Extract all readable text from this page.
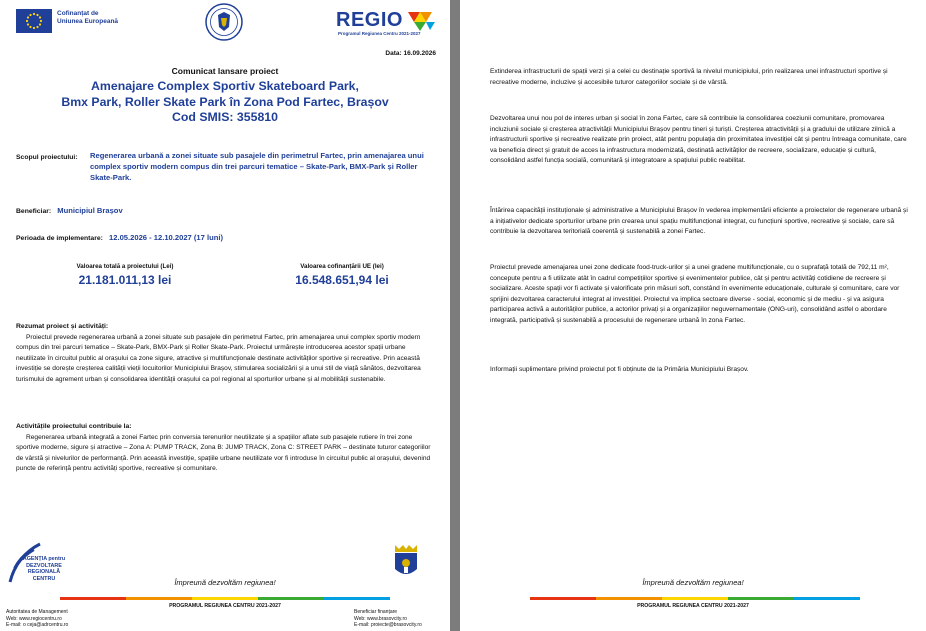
Cofinanțat de
Uniunea Europeană	REGIO
Programul Regiunea Centru 2021-2027
Data: 16.09.2026
Comunicat lansare proiect
Amenajare Complex Sportiv Skateboard Park,
Bmx Park, Roller Skate Park în Zona Pod Fartec, Brașov
Cod SMIS: 355810
Scopul proiectului:	Regenerarea urbană a zonei situate sub pasajele din perimetrul Fartec, prin amenajarea unui complex sportiv modern compus din trei parcuri tematice – Skate-Park, BMX-Park și Roller Skate-Park.
Beneficiar: Municipiul Brașov
Perioada de implementare: 12.05.2026 - 12.10.2027 (17 luni)
Valoarea totală a proiectului (Lei)
21.181.011,13 lei
Valoarea cofinanțării UE (lei)
16.548.651,94 lei
Rezumat proiect și activități:

Proiectul prevede regenerarea urbană a zonei situate sub pasajele din perimetrul Fartec, prin amenajarea unui complex sportiv modern compus din trei parcuri tematice – Skate-Park, BMX-Park și Roller Skate-Park. Proiectul urmărește introducerea acestor spații urbane neutilizate în circuitul public al orașului ca zone sigure, atractive și multifuncționale destinate activităților sportive și recreative. Prin această investiție se dorește creșterea calității vieții locuitorilor Municipiului Brașov, stimularea socializării și a unui stil de viață sănătos, dezvoltarea turismului de agrement urban și consolidarea identității orașului ca pol regional al sporturilor urbane și al mobilității sustenabile.

Activitățile proiectului contribuie la:

Regenerarea urbană integrată a zonei Fartec prin conversia terenurilor neutilizate și a spațiilor aflate sub pasajele rutiere în trei zone sportive moderne, sigure și atractive – Zona A: PUMP TRACK, Zona B: JUMP TRACK, Zona C: STREET PARK – destinate tuturor categoriilor de vârstă și nivelurilor de performanță. Prin această investiție, spațiile urbane neutilizate vor fi introduse în circuitul public al orașului, devenind puncte de referință pentru activități sportive, recreative și comunitare.

AGENȚIA pentru DEZVOLTARE REGIONALĂ CENTRU	Împreună dezvoltăm regiunea!
PROGRAMUL REGIUNEA CENTRU 2021-2027
Autoritatea de Management
Web: www.regiocentru.ro
E-mail: o ceja@adrcentru.ro
Beneficiar finanțare
Web: www.brasovcity.ro
E-mail: proiecte@brasovcity.ro

Extinderea infrastructurii de spații verzi și a celei cu destinație sportivă la nivelul municipiului, prin realizarea unei infrastructuri sportive și recreative moderne, incluzive și accesibile tuturor categoriilor sociale și de vârstă.

Dezvoltarea unui nou pol de interes urban și social în zona Fartec, care să contribuie la consolidarea coeziunii comunitare, promovarea incluziunii sociale și creșterea atractivității Municipiului Brașov pentru tineri și turiști. Creșterea atractivității și a gradului de utilizare zilnică a infrastructurii sportive și recreative realizate prin proiect, atât pentru populația din proximitatea investiției cât și pentru întreaga comunitate, care va beneficia direct și gratuit de acces la infrastructura modernizată, destinată activităților de recreere, socializare, educație și cultură, consolidând astfel funcția socială, comunitară și integratoare a spațiului public reabilitat.

Întărirea capacității instituționale și administrative a Municipiului Brașov în vederea implementării eficiente a proiectelor de regenerare urbană și a inițiativelor dedicate sporturilor urbane prin crearea unui spațiu multifuncțional integrat, cu funcțiuni sportive, recreative și sociale, care să contribuie la dezvoltarea teritorială coerentă și sustenabilă a zonei Fartec.

Proiectul prevede amenajarea unei zone dedicate food-truck-urilor și a unei gradene multifuncționale, cu o suprafață totală de 792,11 m², concepute pentru a fi utilizate atât în cadrul competițiilor sportive și evenimentelor publice, cât și pentru activități cotidiene de recreere și socializare. Aceste spații vor fi activate și valorificate prin măsuri soft, constând în evenimente educaționale, culturale și comunitare, care vor sprijini dezvoltarea caracterului integrat al investiției. Proiectul va implica sectoare diverse - social, economic și de mediu - și va asigura participarea activă a autorităților publice, a actorilor privați și a organizațiilor neguvernamentale (ONG-uri), consolidând astfel o abordare integrată, participativă și sustenabilă a procesului de regenerare urbană în zona Fartec.

Informații suplimentare privind proiectul pot fi obținute de la Primăria Municipiului Brașov.

Împreună dezvoltăm regiunea!
PROGRAMUL REGIUNEA CENTRU 2021-2027
